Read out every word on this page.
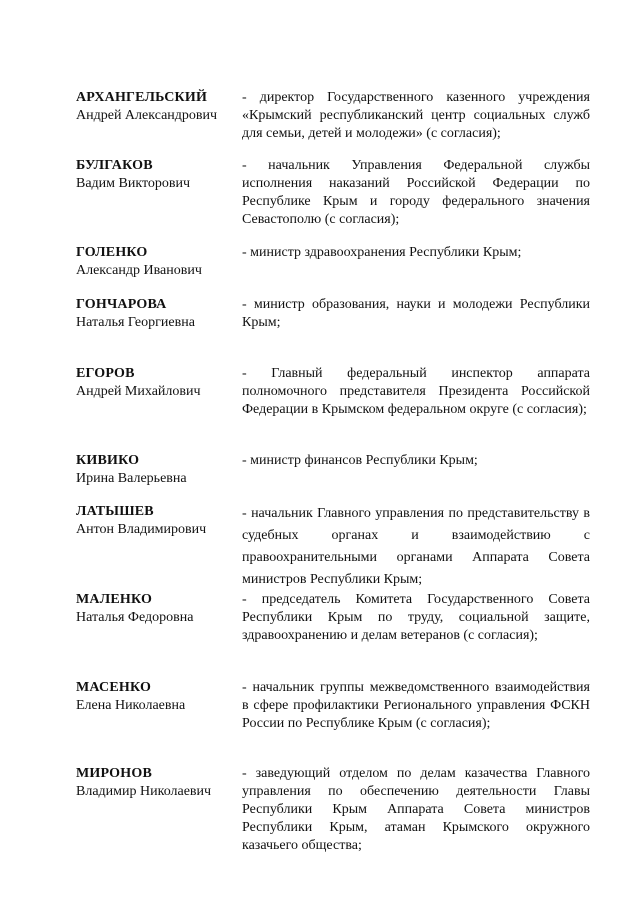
АРХАНГЕЛЬСКИЙ
Андрей Александрович
- директор Государственного казенного учреждения «Крымский республиканский центр социальных служб для семьи, детей и молодежи» (с согласия);
БУЛГАКОВ
Вадим Викторович
- начальник Управления Федеральной службы исполнения наказаний Российской Федерации по Республике Крым и городу федерального значения Севастополю (с согласия);
ГОЛЕНКО
Александр Иванович
- министр здравоохранения Республики Крым;
ГОНЧАРОВА
Наталья Георгиевна
- министр образования, науки и молодежи Республики Крым;
ЕГОРОВ
Андрей Михайлович
- Главный федеральный инспектор аппарата полномочного представителя Президента Российской Федерации в Крымском федеральном округе (с согласия);
КИВИКО
Ирина Валерьевна
- министр финансов Республики Крым;
ЛАТЫШЕВ
Антон Владимирович
- начальник Главного управления по представительству в судебных органах и взаимодействию с правоохранительными органами Аппарата Совета министров Республики Крым;
МАЛЕНКО
Наталья Федоровна
- председатель Комитета Государственного Совета Республики Крым по труду, социальной защите, здравоохранению и делам ветеранов (с согласия);
МАСЕНКО
Елена Николаевна
- начальник группы межведомственного взаимодействия в сфере профилактики Регионального управления ФСКН России по Республике Крым (с согласия);
МИРОНОВ
Владимир Николаевич
- заведующий отделом по делам казачества Главного управления по обеспечению деятельности Главы Республики Крым Аппарата Совета министров Республики Крым, атаман Крымского окружного казачьего общества;
